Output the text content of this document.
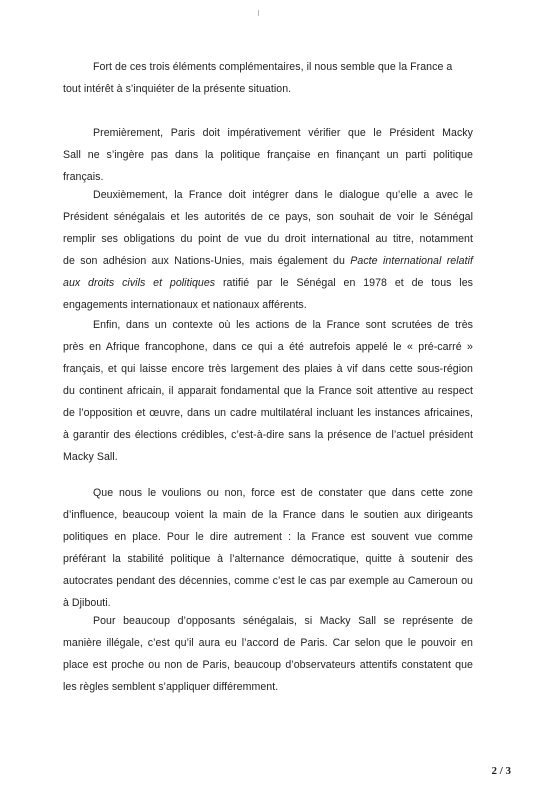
Fort de ces trois éléments complémentaires, il nous semble que la France a
tout intérêt à s’inquiéter de la présente situation.
Premièrement, Paris doit impérativement vérifier que le Président Macky
Sall ne s’ingère pas dans la politique française en finançant un parti politique
français.
Deuxièmement, la France doit intégrer dans le dialogue qu’elle a avec le
Président sénégalais et les autorités de ce pays, son souhait de voir le Sénégal
remplir ses obligations du point de vue du droit international au titre, notamment
de son adhésion aux Nations-Unies, mais également du Pacte international relatif
aux droits civils et politiques ratifié par le Sénégal en 1978 et de tous les
engagements internationaux et nationaux afférents.
Enfin, dans un contexte où les actions de la France sont scrutées de très
près en Afrique francophone, dans ce qui a été autrefois appelé le « pré-carré »
français, et qui laisse encore très largement des plaies à vif dans cette sous-région
du continent africain, il apparait fondamental que la France soit attentive au respect
de l’opposition et œuvre, dans un cadre multilatéral incluant les instances africaines,
à garantir des élections crédibles, c’est-à-dire sans la présence de l’actuel président
Macky Sall.
Que nous le voulions ou non, force est de constater que dans cette zone
d’influence, beaucoup voient la main de la France dans le soutien aux dirigeants
politiques en place. Pour le dire autrement : la France est souvent vue comme
préférant la stabilité politique à l’alternance démocratique, quitte à soutenir des
autocrates pendant des décennies, comme c’est le cas par exemple au Cameroun ou
à Djibouti.
Pour beaucoup d’opposants sénégalais, si Macky Sall se représente de
manière illégale, c’est qu’il aura eu l’accord de Paris. Car selon que le pouvoir en
place est proche ou non de Paris, beaucoup d’observateurs attentifs constatent que
les règles semblent s’appliquer différemment.
2 / 3
